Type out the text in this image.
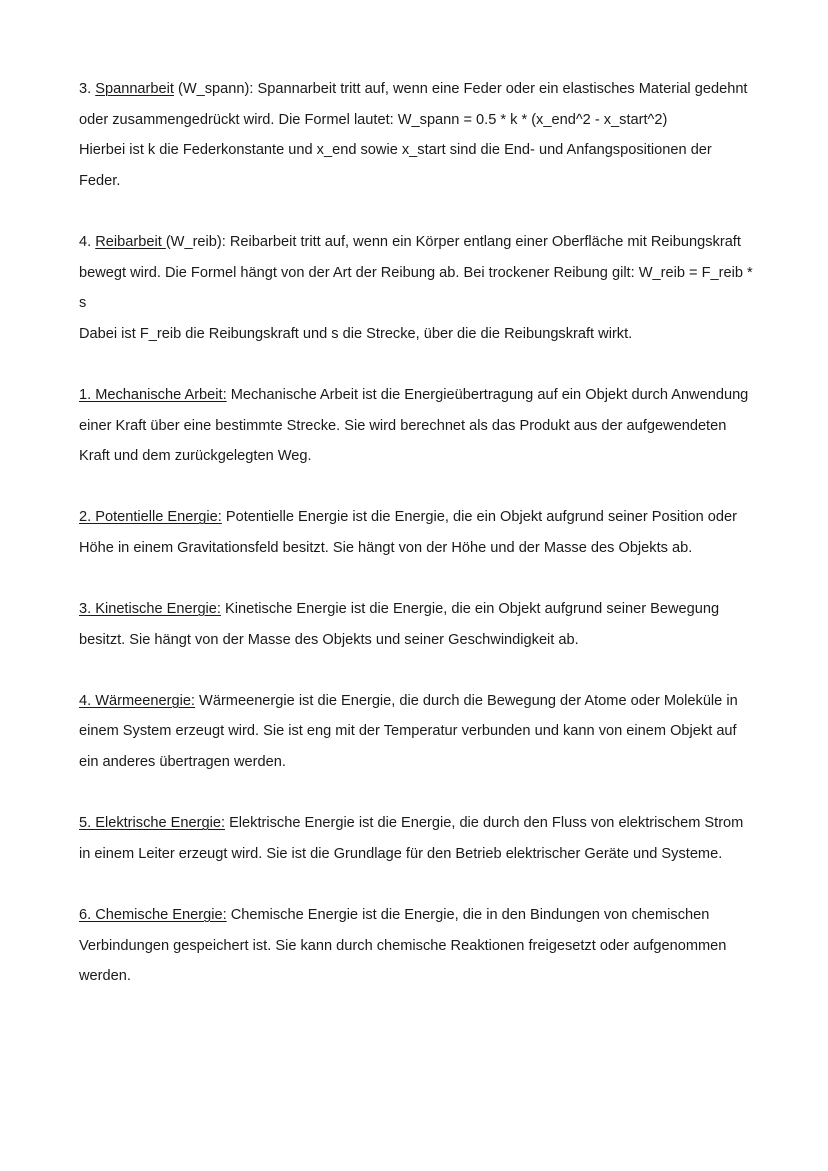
3. Spannarbeit (W_spann): Spannarbeit tritt auf, wenn eine Feder oder ein elastisches Material gedehnt oder zusammengedrückt wird. Die Formel lautet: W_spann = 0.5 * k * (x_end^2 - x_start^2)

Hierbei ist k die Federkonstante und x_end sowie x_start sind die End- und Anfangspositionen der Feder.

4. Reibarbeit (W_reib): Reibarbeit tritt auf, wenn ein Körper entlang einer Oberfläche mit Reibungskraft bewegt wird. Die Formel hängt von der Art der Reibung ab. Bei trockener Reibung gilt: W_reib = F_reib * s

Dabei ist F_reib die Reibungskraft und s die Strecke, über die die Reibungskraft wirkt.

1. Mechanische Arbeit: Mechanische Arbeit ist die Energieübertragung auf ein Objekt durch Anwendung einer Kraft über eine bestimmte Strecke. Sie wird berechnet als das Produkt aus der aufgewendeten Kraft und dem zurückgelegten Weg.

2. Potentielle Energie: Potentielle Energie ist die Energie, die ein Objekt aufgrund seiner Position oder Höhe in einem Gravitationsfeld besitzt. Sie hängt von der Höhe und der Masse des Objekts ab.

3. Kinetische Energie: Kinetische Energie ist die Energie, die ein Objekt aufgrund seiner Bewegung besitzt. Sie hängt von der Masse des Objekts und seiner Geschwindigkeit ab.

4. Wärmeenergie: Wärmeenergie ist die Energie, die durch die Bewegung der Atome oder Moleküle in einem System erzeugt wird. Sie ist eng mit der Temperatur verbunden und kann von einem Objekt auf ein anderes übertragen werden.

5. Elektrische Energie: Elektrische Energie ist die Energie, die durch den Fluss von elektrischem Strom in einem Leiter erzeugt wird. Sie ist die Grundlage für den Betrieb elektrischer Geräte und Systeme.

6. Chemische Energie: Chemische Energie ist die Energie, die in den Bindungen von chemischen Verbindungen gespeichert ist. Sie kann durch chemische Reaktionen freigesetzt oder aufgenommen werden.
